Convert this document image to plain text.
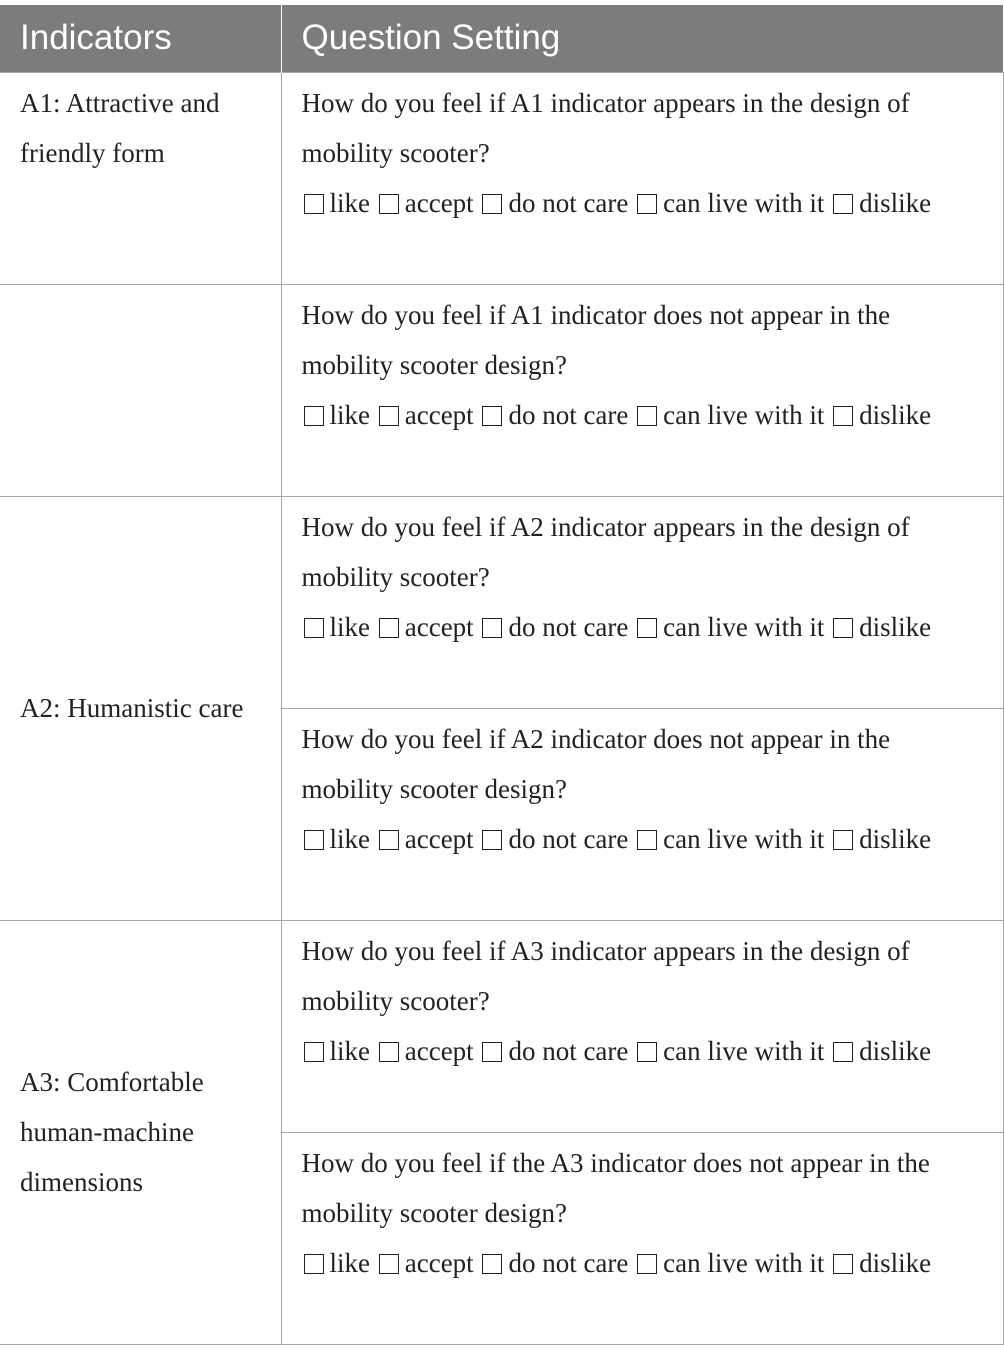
Indicators	Question Setting
A1: Attractive and friendly form	How do you feel if A1 indicator appears in the design of mobility scooter?
like accept do not care can live with it dislike
	How do you feel if A1 indicator does not appear in the mobility scooter design?
like accept do not care can live with it dislike
A2: Humanistic care	How do you feel if A2 indicator appears in the design of mobility scooter?
like accept do not care can live with it dislike
	How do you feel if A2 indicator does not appear in the mobility scooter design?
like accept do not care can live with it dislike
A3: Comfortable human-machine dimensions	How do you feel if A3 indicator appears in the design of mobility scooter?
like accept do not care can live with it dislike
	How do you feel if the A3 indicator does not appear in the mobility scooter design?
like accept do not care can live with it dislike
